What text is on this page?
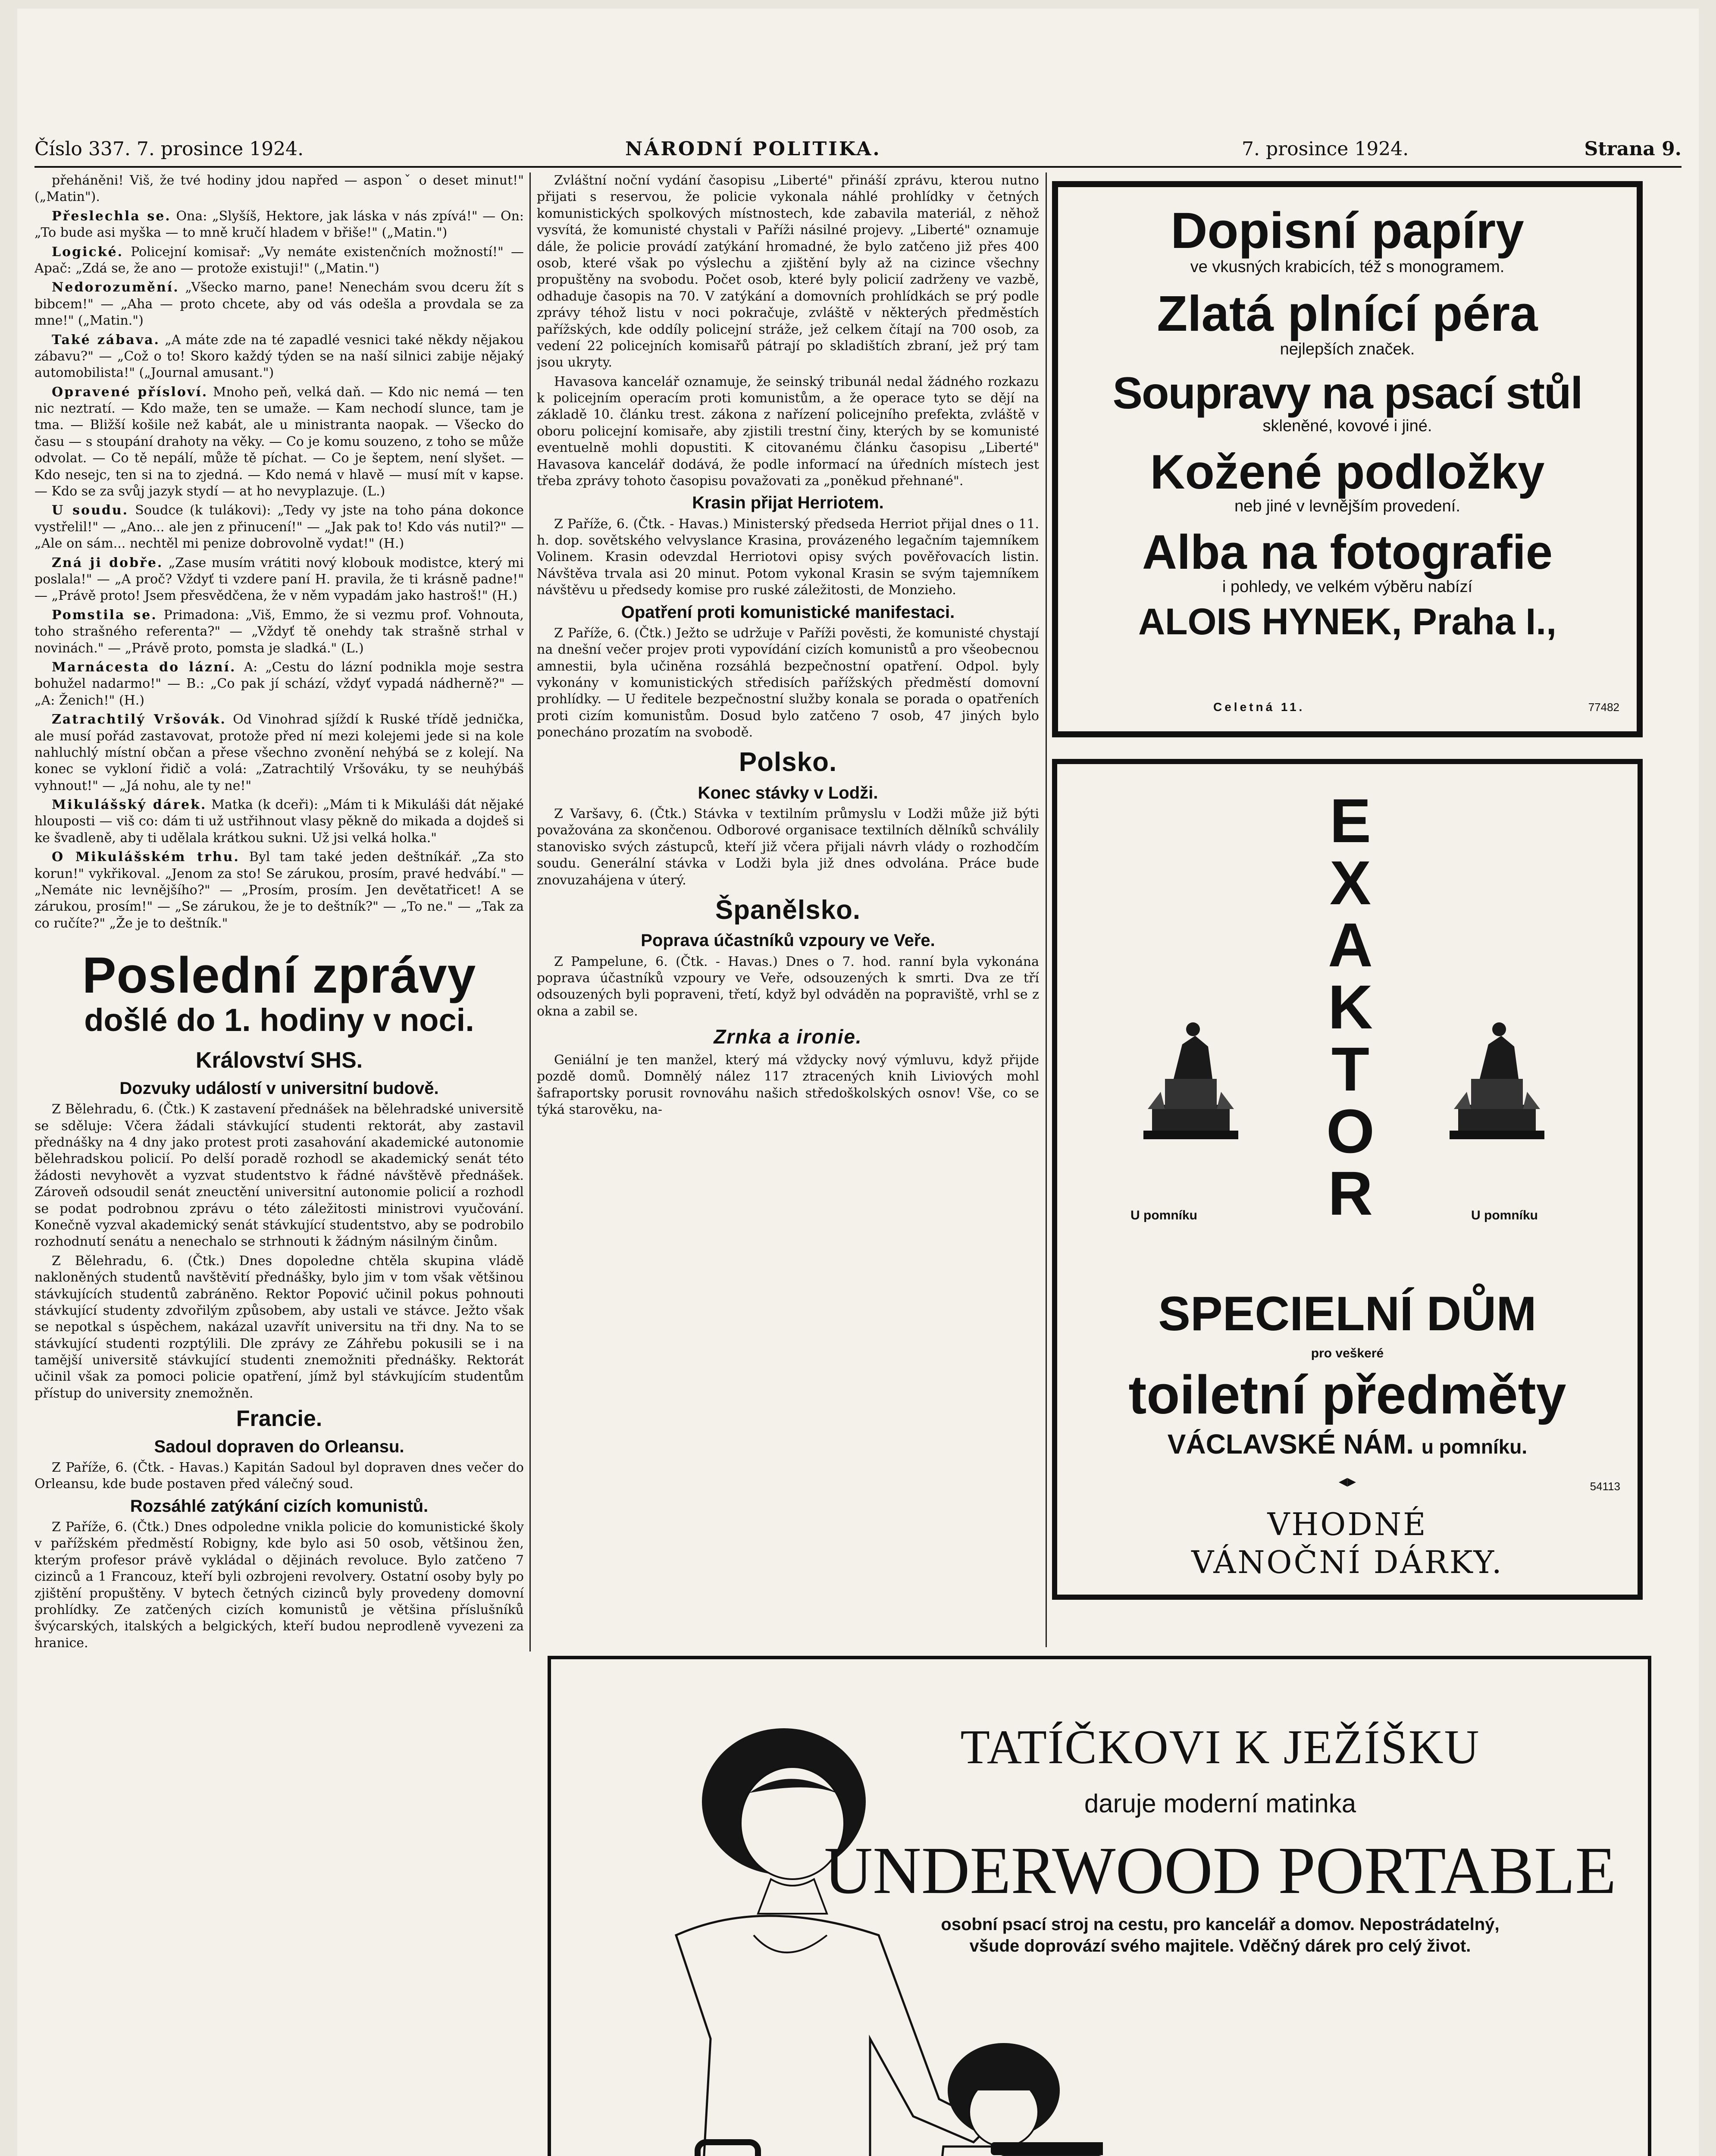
Číslo 337. 7. prosince 1924.	NÁRODNÍ POLITIKA.	7. prosince 1924.	Strana 9.

přeháněni! Viš, že tvé hodiny jdou napřed — asponˇ o deset minut!" („Matin").

Přeslechla se. Ona: „Slyšíš, Hektore, jak láska v nás zpívá!" — On: „To bude asi myška — to mně kručí hladem v břiše!" („Matin.")

Logické. Policejní komisař: „Vy nemáte existenčních možností!" — Apač: „Zdá se, že ano — protože existuji!" („Matin.")

Nedorozumění. „Všecko marno, pane! Nenechám svou dceru žít s bibcem!" — „Aha — proto chcete, aby od vás odešla a provdala se za mne!" („Matin.")

Také zábava. „A máte zde na té zapadlé vesnici také někdy nějakou zábavu?" — „Což o to! Skoro každý týden se na naší silnici zabije nějaký automobilista!" („Journal amusant.")

Opravené přísloví. Mnoho peň, velká daň. — Kdo nic nemá — ten nic neztratí. — Kdo maže, ten se umaže. — Kam nechodí slunce, tam je tma. — Bližší košile než kabát, ale u ministranta naopak. — Všecko do času — s stoupání drahoty na věky. — Co je komu souzeno, z toho se může odvolat. — Co tě nepálí, může tě píchat. — Co je šeptem, není slyšet. — Kdo nesejc, ten si na to zjedná. — Kdo nemá v hlavě — musí mít v kapse. — Kdo se za svůj jazyk stydí — at ho nevyplazuje. (L.)

U soudu. Soudce (k tulákovi): „Tedy vy jste na toho pána dokonce vystřelil!" — „Ano... ale jen z přinucení!" — „Jak pak to! Kdo vás nutil?" — „Ale on sám... nechtěl mi penize dobrovolně vydat!" (H.)

Zná ji dobře. „Zase musím vrátiti nový klobouk modistce, který mi poslala!" — „A proč? Vždyť ti vzdere paní H. pravila, že ti krásně padne!" — „Právě proto! Jsem přesvědčena, že v něm vypadám jako hastroš!" (H.)

Pomstila se. Primadona: „Viš, Emmo, že si vezmu prof. Vohnouta, toho strašného referenta?" — „Vždyť tě onehdy tak strašně strhal v novinách." — „Právě proto, pomsta je sladká." (L.)

Marnácesta do lázní. A: „Cestu do lázní podnikla moje sestra bohužel nadarmo!" — B.: „Co pak jí schází, vždyť vypadá nádherně?" — „A: Ženich!" (H.)

Zatrachtilý Vršovák. Od Vinohrad sjíždí k Ruské třídě jednička, ale musí pořád zastavovat, protože před ní mezi kolejemi jede si na kole nahluchlý místní občan a přese všechno zvonění nehýbá se z kolejí. Na konec se vykloní řidič a volá: „Zatrachtilý Vršováku, ty se neuhýbáš vyhnout!" — „Já nohu, ale ty ne!"

Mikulášský dárek. Matka (k dceři): „Mám ti k Mikuláši dát nějaké hlouposti — viš co: dám ti už ustřihnout vlasy pěkně do mikada a dojdeš si ke švadleně, aby ti udělala krátkou sukni. Už jsi velká holka."

O Mikulášském trhu. Byl tam také jeden deštníkář. „Za sto korun!" vykřikoval. „Jenom za sto! Se zárukou, prosím, pravé hedvábí." — „Nemáte nic levnějšího?" — „Prosím, prosím. Jen devětatřicet! A se zárukou, prosím!" — „Se zárukou, že je to deštník?" — „To ne." — „Tak za co ručíte?" „Že je to deštník."

Poslední zprávy
došlé do 1. hodiny v noci.
Království SHS.
Dozvuky událostí v universitní budově.

Z Bělehradu, 6. (Čtk.) K zastavení přednášek na bělehradské universitě se sděluje: Včera žádali stávkující studenti rektorát, aby zastavil přednášky na 4 dny jako protest proti zasahování akademické autonomie bělehradskou policií. Po delší poradě rozhodl se akademický senát této žádosti nevyhovět a vyzvat studentstvo k řádné návštěvě přednášek. Zároveň odsoudil senát zneuctění universitní autonomie policií a rozhodl se podat podrobnou zprávu o této záležitosti ministrovi vyučování. Konečně vyzval akademický senát stávkující studentstvo, aby se podrobilo rozhodnutí senátu a nenechalo se strhnouti k žádným násilným činům.

Z Bělehradu, 6. (Čtk.) Dnes dopoledne chtěla skupina vládě nakloněných studentů navštěvití přednášky, bylo jim v tom však většinou stávkujících studentů zabráněno. Rektor Popović učinil pokus pohnouti stávkující studenty zdvořilým způsobem, aby ustali ve stávce. Ježto však se nepotkal s úspěchem, nakázal uzavřít universitu na tři dny. Na to se stávkující studenti rozptýlili. Dle zprávy ze Záhřebu pokusili se i na tamější universitě stávkující studenti znemožniti přednášky. Rektorát učinil však za pomoci policie opatření, jímž byl stávkujícím studentům přístup do university znemožněn.

Francie.
Sadoul dopraven do Orleansu.

Z Paříže, 6. (Čtk. - Havas.) Kapitán Sadoul byl dopraven dnes večer do Orleansu, kde bude postaven před válečný soud.

Rozsáhlé zatýkání cizích komunistů.

Z Paříže, 6. (Čtk.) Dnes odpoledne vnikla policie do komunistické školy v pařížském předměstí Robigny, kde bylo asi 50 osob, většinou žen, kterým profesor právě vykládal o dějinách revoluce. Bylo zatčeno 7 cizinců a 1 Francouz, kteří byli ozbrojeni revolvery. Ostatní osoby byly po zjištění propuštěny. V bytech četných cizinců byly provedeny domovní prohlídky. Ze zatčených cizích komunistů je většina příslušníků švýcarských, italských a belgických, kteří budou neprodleně vyvezeni za hranice.

Zvláštní noční vydání časopisu „Liberté" přináší zprávu, kterou nutno přijati s reservou, že policie vykonala náhlé prohlídky v četných komunistických spolkových místnostech, kde zabavila materiál, z něhož vysvítá, že komunisté chystali v Paříži násilné projevy. „Liberté" oznamuje dále, že policie provádí zatýkání hromadné, že bylo zatčeno již přes 400 osob, které však po výslechu a zjištění byly až na cizince všechny propuštěny na svobodu. Počet osob, které byly policií zadrženy ve vazbě, odhaduje časopis na 70. V zatýkání a domovních prohlídkách se prý podle zprávy téhož listu v noci pokračuje, zvláště v některých předměstích pařížských, kde oddíly policejní stráže, jež celkem čítají na 700 osob, za vedení 22 policejních komisařů pátrají po skladištích zbraní, jež prý tam jsou ukryty.

Havasova kancelář oznamuje, že seinský tribunál nedal žádného rozkazu k policejním operacím proti komunistům, a že operace tyto se dějí na základě 10. článku trest. zákona z nařízení policejního prefekta, zvláště v oboru policejní komisaře, aby zjistili trestní činy, kterých by se komunisté eventuelně mohli dopustiti. K citovanému článku časopisu „Liberté" Havasova kancelář dodává, že podle informací na úředních místech jest třeba zprávy tohoto časopisu považovati za „poněkud přehnané".

Krasin přijat Herriotem.

Z Paříže, 6. (Čtk. - Havas.) Ministerský předseda Herriot přijal dnes o 11. h. dop. sovětského velvyslance Krasina, provázeného legačním tajemníkem Volinem. Krasin odevzdal Herriotovi opisy svých pověřovacích listin. Návštěva trvala asi 20 minut. Potom vykonal Krasin se svým tajemníkem návštěvu u předsedy komise pro ruské záležitosti, de Monzieho.

Opatření proti komunistické manifestaci.

Z Paříže, 6. (Čtk.) Ježto se udržuje v Paříži pověsti, že komunisté chystají na dnešní večer projev proti vypovídání cizích komunistů a pro všeobecnou amnestii, byla učiněna rozsáhlá bezpečnostní opatření. Odpol. byly vykonány v komunistických středisích pařížských předměstí domovní prohlídky. — U ředitele bezpečnostní služby konala se porada o opatřeních proti cizím komunistům. Dosud bylo zatčeno 7 osob, 47 jiných bylo ponecháno prozatím na svobodě.

Polsko.
Konec stávky v Lodži.

Z Varšavy, 6. (Čtk.) Stávka v textilním průmyslu v Lodži může již býti považována za skončenou. Odborové organisace textilních dělníků schválily stanovisko svých zástupců, kteří již včera přijali návrh vlády o rozhodčím soudu. Generální stávka v Lodži byla již dnes odvolána. Práce bude znovuzahájena v úterý.

Španělsko.
Poprava účastníků vzpoury ve Veře.

Z Pampelune, 6. (Čtk. - Havas.) Dnes o 7. hod. ranní byla vykonána poprava účastníků vzpoury ve Veře, odsouzených k smrti. Dva ze tří odsouzených byli popraveni, třetí, když byl odváděn na popraviště, vrhl se z okna a zabil se.

Zrnka a ironie.

Geniální je ten manžel, který má vždycky nový výmluvu, když přijde pozdě domů. Domnělý nález 117 ztracených knih Liviových mohl šafraportsky porusit rovnováhu našich středoškolských osnov! Vše, co se týká starověku, na-

Dopisní papíry
ve vkusných krabicích, též s monogramem.
Zlatá plnící péra
nejlepších značek.
Soupravy na psací stůl
skleněné, kovové i jiné.
Kožené podložky
neb jiné v levnějším provedení.
Alba na fotografie
i pohledy, ve velkém výběru nabízí
ALOIS HYNEK, Praha I.,
Celetná 11.	77482
E
X
A
K
T
O
R
U pomníku	U pomníku
SPECIELNÍ DŮM
pro veškeré
toiletní předměty
VÁCLAVSKÉ NÁM. u pomníku.
◂▸	54113
VHODNÉ
VÁNOČNÍ DÁRKY.
TATÍČKOVI K JEŽÍŠKU
daruje moderní matinka
UNDERWOOD PORTABLE
osobní psací stroj na cestu, pro kancelář a domov. Nepostrádatelný,
všude doprovází svého majitele. Vděčný dárek pro celý život.
